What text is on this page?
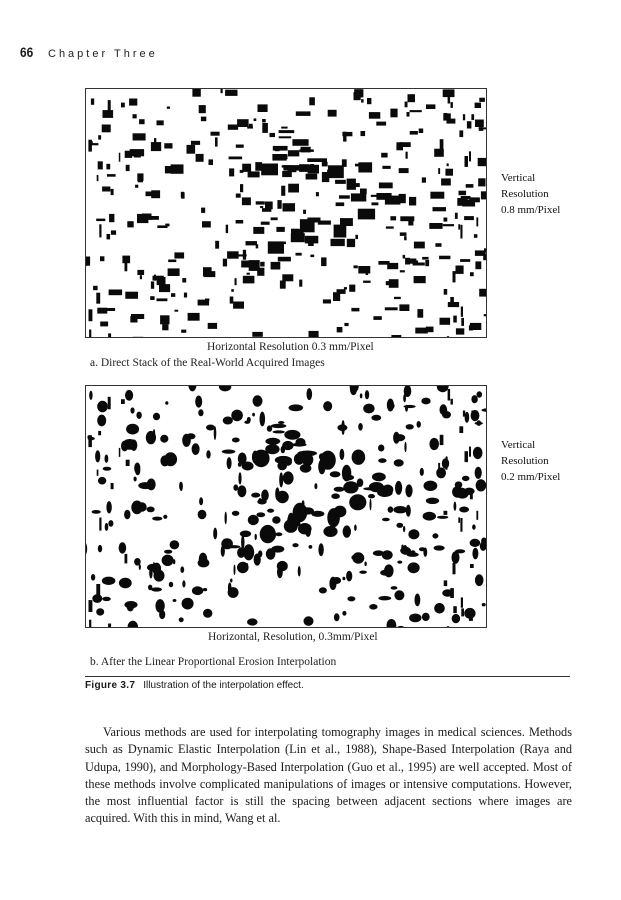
66	Chapter Three
Vertical
Resolution
0.8 mm/Pixel
Horizontal Resolution 0.3 mm/Pixel
a. Direct Stack of the Real-World Acquired Images
Vertical
Resolution
0.2 mm/Pixel
Horizontal, Resolution, 0.3mm/Pixel
b. After the Linear Proportional Erosion Interpolation
Figure 3.7 Illustration of the interpolation effect.

Various methods are used for interpolating tomography images in medical sciences. Methods such as Dynamic Elastic Interpolation (Lin et al., 1988), Shape-Based Interpolation (Raya and Udupa, 1990), and Morphology-Based Interpolation (Guo et al., 1995) are well accepted. Most of these methods involve complicated manipulations of images or intensive computations. However, the most influential factor is still the spacing between adjacent sections where images are acquired. With this in mind, Wang et al.
